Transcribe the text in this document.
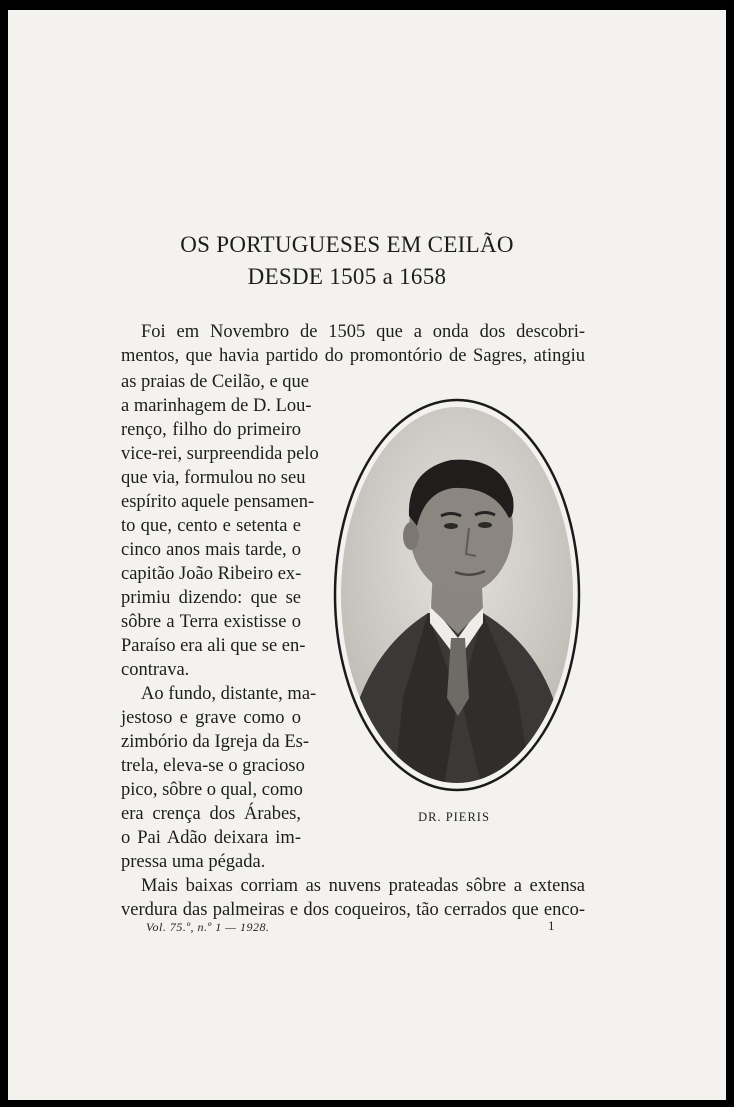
OS PORTUGUESES EM CEILÃO
DESDE 1505 a 1658
Foi em Novembro de 1505 que a onda dos descobri-
mentos, que havia partido do promontório de Sagres, atingiu
as praias de Ceilão, e que
a marinhagem de D. Lou-
renço, filho do primeiro
vice-rei, surpreendida pelo
que via, formulou no seu
espírito aquele pensamen-
to que, cento e setenta e
cinco anos mais tarde, o
capitão João Ribeiro ex-
primiu dizendo: que se
sôbre a Terra existisse o
Paraíso era ali que se en-
contrava.
Ao fundo, distante, ma-
jestoso e grave como o
zimbório da Igreja da Es-
trela, eleva-se o gracioso
pico, sôbre o qual, como
era crença dos Árabes,
o Pai Adão deixara im-
pressa uma pégada.
Mais baixas corriam as nuvens prateadas sôbre a extensa
verdura das palmeiras e dos coqueiros, tão cerrados que enco-
DR. PIERIS
Vol. 75.º, n.º 1 — 1928.	1
